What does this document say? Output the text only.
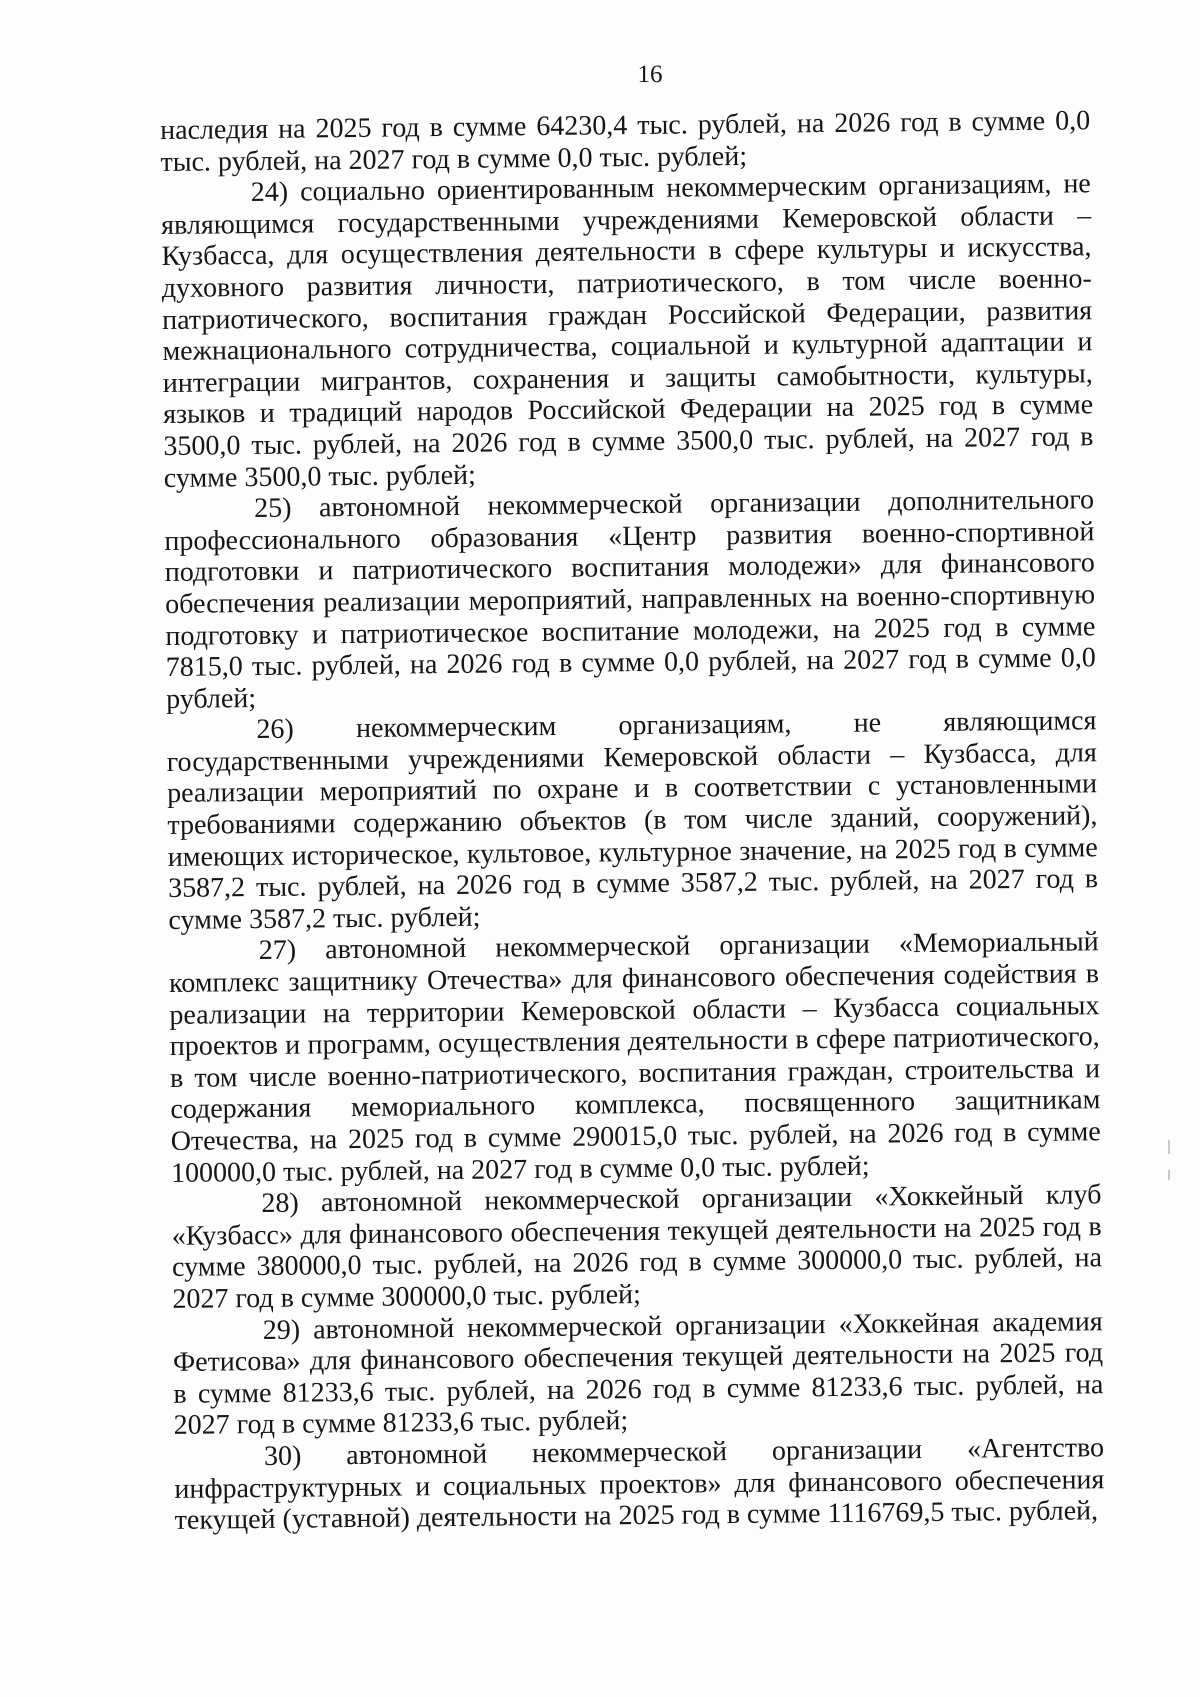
16

наследия на 2025 год в сумме 64230,4 тыс. рублей, на 2026 год в сумме 0,0 тыс. рублей, на 2027 год в сумме 0,0 тыс. рублей;

24) социально ориентированным некоммерческим организациям, не являющимся государственными учреждениями Кемеровской области – Кузбасса, для осуществления деятельности в сфере культуры и искусства, духовного развития личности, патриотического, в том числе военно-патриотического, воспитания граждан Российской Федерации, развития межнационального сотрудничества, социальной и культурной адаптации и интеграции мигрантов, сохранения и защиты самобытности, культуры, языков и традиций народов Российской Федерации на 2025 год в сумме 3500,0 тыс. рублей, на 2026 год в сумме 3500,0 тыс. рублей, на 2027 год в сумме 3500,0 тыс. рублей;

25) автономной некоммерческой организации дополнительного профессионального образования «Центр развития военно-спортивной подготовки и патриотического воспитания молодежи» для финансового обеспечения реализации мероприятий, направленных на военно-спортивную подготовку и патриотическое воспитание молодежи, на 2025 год в сумме 7815,0 тыс. рублей, на 2026 год в сумме 0,0 рублей, на 2027 год в сумме 0,0 рублей;

26) некоммерческим организациям, не являющимся государственными учреждениями Кемеровской области – Кузбасса, для реализации мероприятий по охране и в соответствии с установленными требованиями содержанию объектов (в том числе зданий, сооружений), имеющих историческое, культовое, культурное значение, на 2025 год в сумме 3587,2 тыс. рублей, на 2026 год в сумме 3587,2 тыс. рублей, на 2027 год в сумме 3587,2 тыс. рублей;

27) автономной некоммерческой организации «Мемориальный комплекс защитнику Отечества» для финансового обеспечения содействия в реализации на территории Кемеровской области – Кузбасса социальных проектов и программ, осуществления деятельности в сфере патриотического, в том числе военно-патриотического, воспитания граждан, строительства и содержания мемориального комплекса, посвященного защитникам Отечества, на 2025 год в сумме 290015,0 тыс. рублей, на 2026 год в сумме 100000,0 тыс. рублей, на 2027 год в сумме 0,0 тыс. рублей;

28) автономной некоммерческой организации «Хоккейный клуб «Кузбасс» для финансового обеспечения текущей деятельности на 2025 год в сумме 380000,0 тыс. рублей, на 2026 год в сумме 300000,0 тыс. рублей, на 2027 год в сумме 300000,0 тыс. рублей;

29) автономной некоммерческой организации «Хоккейная академия Фетисова» для финансового обеспечения текущей деятельности на 2025 год в сумме 81233,6 тыс. рублей, на 2026 год в сумме 81233,6 тыс. рублей, на 2027 год в сумме 81233,6 тыс. рублей;

30) автономной некоммерческой организации «Агентство инфраструктурных и социальных проектов» для финансового обеспечения текущей (уставной) деятельности на 2025 год в сумме 1116769,5 тыс. рублей,
